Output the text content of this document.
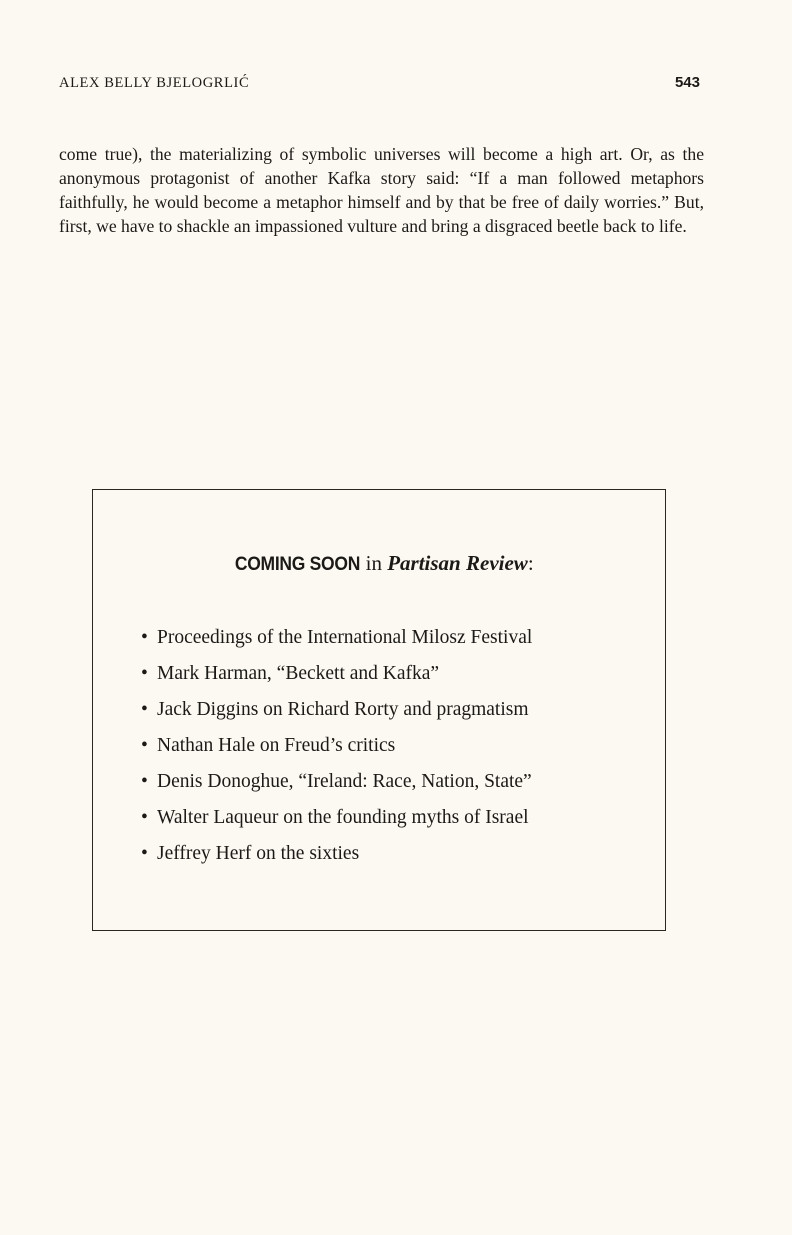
ALEX BELLY BJELOGRLIĆ	543

come true), the materializing of symbolic universes will become a high art. Or, as the anonymous protagonist of another Kafka story said: “If a man followed metaphors faithfully, he would become a metaphor himself and by that be free of daily worries.” But, first, we have to shackle an impassioned vulture and bring a disgraced beetle back to life.

COMING SOON in Partisan Review:
• Proceedings of the International Milosz Festival
• Mark Harman, “Beckett and Kafka”
• Jack Diggins on Richard Rorty and pragmatism
• Nathan Hale on Freud’s critics
• Denis Donoghue, “Ireland: Race, Nation, State”
• Walter Laqueur on the founding myths of Israel
• Jeffrey Herf on the sixties
